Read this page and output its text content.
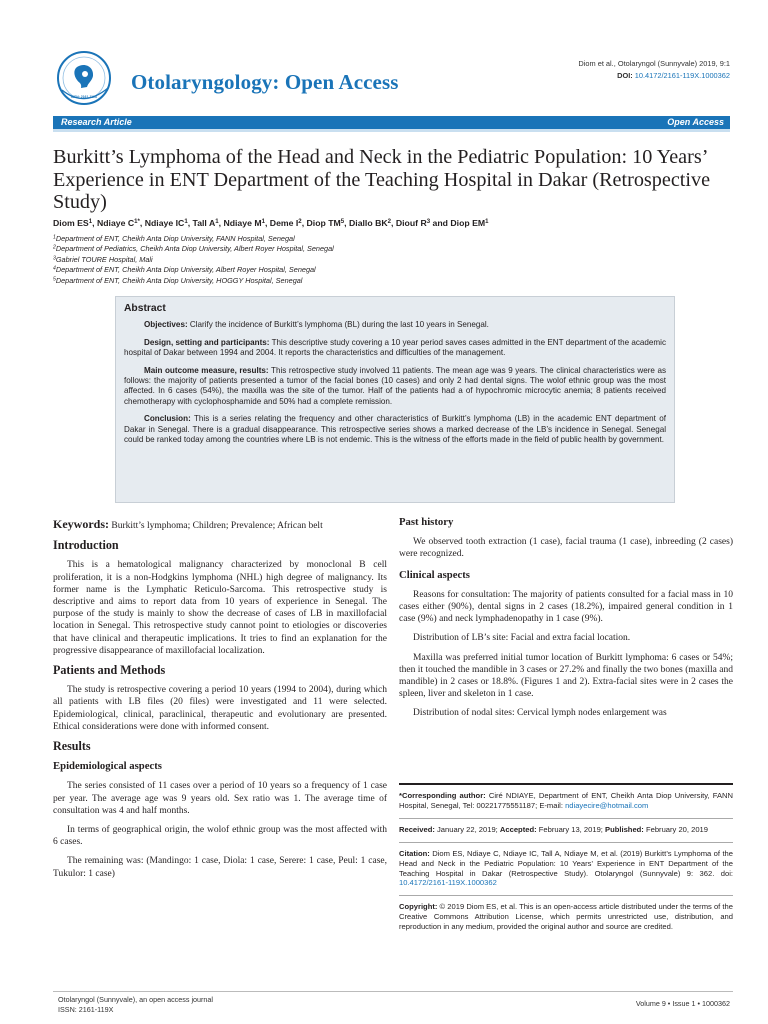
ISSN: 2161-119X
Otolaryngology: Open Access
Diom et al., Otolaryngol (Sunnyvale) 2019, 9:1
DOI: 10.4172/2161-119X.1000362
Research Article	Open Access
Burkitt’s Lymphoma of the Head and Neck in the Pediatric Population: 10 Years’ Experience in ENT Department of the Teaching Hospital in Dakar (Retrospective Study)
Diom $ES^1$, Ndiaye $C^{1*}$, Ndiaye $IC^1$, Tall $A^1$, Ndiaye $M^1$, Deme $I^2$, Diop $TM^5$, Diallo $BK^2$, Diouf $R^3$ and Diop $EM^1$
$^1$Department of ENT, Cheikh Anta Diop University, FANN Hospital, Senegal
$^2$Department of Pediatrics, Cheikh Anta Diop University, Albert Royer Hospital, Senegal
$^3$Gabriel TOURE Hospital, Mali
$^4$Department of ENT, Cheikh Anta Diop University, Albert Royer Hospital, Senegal
$^5$Department of ENT, Cheikh Anta Diop University, HOGGY Hospital, Senegal
Abstract

Objectives: Clarify the incidence of Burkitt’s lymphoma (BL) during the last 10 years in Senegal.

Design, setting and participants: This descriptive study covering a 10 year period saves cases admitted in the ENT department of the academic hospital of Dakar between 1994 and 2004. It reports the characteristics and difficulties of the management.

Main outcome measure, results: This retrospective study involved 11 patients. The mean age was 9 years. The clinical characteristics were as follows: the majority of patients presented a tumor of the facial bones (10 cases) and only 2 had dental signs. The wolof ethnic group was the most affected. In 6 cases (54%), the maxilla was the site of the tumor. Half of the patients had a of hypochromic microcytic anemia; 8 patients received chemotherapy with cyclophosphamide and 50% had a complete remission.

Conclusion: This is a series relating the frequency and other characteristics of Burkitt’s lymphoma (LB) in the academic ENT department of Dakar in Senegal. There is a gradual disappearance. This retrospective series shows a marked decrease of the LB’s incidence in Senegal. Senegal could be ranked today among the countries where LB is not endemic. This is the witness of the efforts made in the field of public health by government.

Keywords: Burkitt’s lymphoma; Children; Prevalence; African belt
Introduction

This is a hematological malignancy characterized by monoclonal B cell proliferation, it is a non-Hodgkins lymphoma (NHL) high degree of malignancy. Its former name is the Lymphatic Reticulo-Sarcoma. This retrospective study is descriptive and aims to report data from 10 years of experience in Senegal. The purpose of the study is mainly to show the decrease of cases of LB in maxillofacial location in Senegal. This retrospective study cannot point to etiologies or discoveries that have clinical and therapeutic implications. It tries to find an explanation for the progressive disappearance of maxillofacial localization.

Patients and Methods

The study is retrospective covering a period 10 years (1994 to 2004), during which all patients with LB files (20 files) were investigated and 11 were selected. Epidemiological, clinical, paraclinical, therapeutic and evolutionary are presented. Ethical considerations were done with informed consent.

Results
Epidemiological aspects

The series consisted of 11 cases over a period of 10 years so a frequency of 1 case per year. The average age was 9 years old. Sex ratio was 1. The average time of consultation was 4 and half months.

In terms of geographical origin, the wolof ethnic group was the most affected with 6 cases.

The remaining was: (Mandingo: 1 case, Diola: 1 case, Serere: 1 case, Peul: 1 case, Tukulor: 1 case)

Past history

We observed tooth extraction (1 case), facial trauma (1 case), inbreeding (2 cases) were recognized.

Clinical aspects

Reasons for consultation: The majority of patients consulted for a facial mass in 10 cases either (90%), dental signs in 2 cases (18.2%), impaired general condition in 1 case (9%) and neck lymphadenopathy in 1 case (9%).

Distribution of LB’s site: Facial and extra facial location.

Maxilla was preferred initial tumor location of Burkitt lymphoma: 6 cases or 54%; then it touched the mandible in 3 cases or 27.2% and finally the two bones (maxilla and mandible) in 2 cases or 18.8%. (Figures 1 and 2). Extra-facial sites were in 2 cases the spleen, liver and skeleton in 1 case.

Distribution of nodal sites: Cervical lymph nodes enlargement was

*Corresponding author: Ciré NDIAYE, Department of ENT, Cheikh Anta Diop University, FANN Hospital, Senegal, Tel: 00221775551187; E-mail: ndiayecire@hotmail.com

Received: January 22, 2019; Accepted: February 13, 2019; Published: February 20, 2019

Citation: Diom ES, Ndiaye C, Ndiaye IC, Tall A, Ndiaye M, et al. (2019) Burkitt’s Lymphoma of the Head and Neck in the Pediatric Population: 10 Years’ Experience in ENT Department of the Teaching Hospital in Dakar (Retrospective Study). Otolaryngol (Sunnyvale) 9: 362. doi: 10.4172/2161-119X.1000362

Copyright: © 2019 Diom ES, et al. This is an open-access article distributed under the terms of the Creative Commons Attribution License, which permits unrestricted use, distribution, and reproduction in any medium, provided the original author and source are credited.

Otolaryngol (Sunnyvale), an open access journal
ISSN: 2161-119X
Volume 9 • Issue 1 • 1000362
